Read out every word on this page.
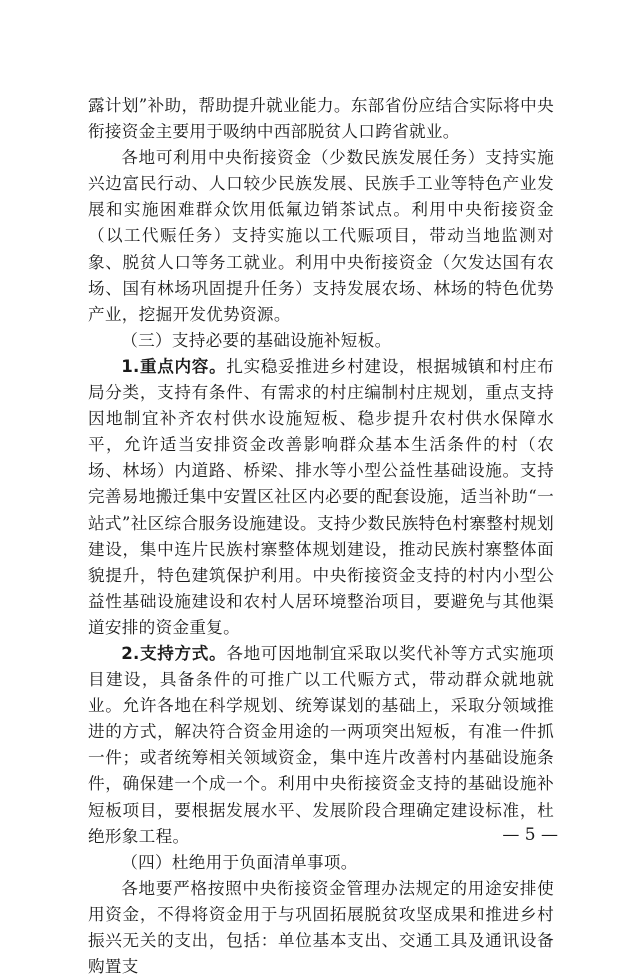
露计划”补助，帮助提升就业能力。东部省份应结合实际将中央衔接资金主要用于吸纳中西部脱贫人口跨省就业。

各地可利用中央衔接资金（少数民族发展任务）支持实施兴边富民行动、人口较少民族发展、民族手工业等特色产业发展和实施困难群众饮用低氟边销茶试点。利用中央衔接资金（以工代赈任务）支持实施以工代赈项目，带动当地监测对象、脱贫人口等务工就业。利用中央衔接资金（欠发达国有农场、国有林场巩固提升任务）支持发展农场、林场的特色优势产业，挖掘开发优势资源。

（三）支持必要的基础设施补短板。

1.重点内容。扎实稳妥推进乡村建设，根据城镇和村庄布局分类，支持有条件、有需求的村庄编制村庄规划，重点支持因地制宜补齐农村供水设施短板、稳步提升农村供水保障水平，允许适当安排资金改善影响群众基本生活条件的村（农场、林场）内道路、桥梁、排水等小型公益性基础设施。支持完善易地搬迁集中安置区社区内必要的配套设施，适当补助“一站式”社区综合服务设施建设。支持少数民族特色村寨整村规划建设，集中连片民族村寨整体规划建设，推动民族村寨整体面貌提升，特色建筑保护利用。中央衔接资金支持的村内小型公益性基础设施建设和农村人居环境整治项目，要避免与其他渠道安排的资金重复。

2.支持方式。各地可因地制宜采取以奖代补等方式实施项目建设，具备条件的可推广以工代赈方式，带动群众就地就业。允许各地在科学规划、统筹谋划的基础上，采取分领域推进的方式，解决符合资金用途的一两项突出短板，有准一件抓一件；或者统筹相关领域资金，集中连片改善村内基础设施条件，确保建一个成一个。利用中央衔接资金支持的基础设施补短板项目，要根据发展水平、发展阶段合理确定建设标准，杜绝形象工程。

（四）杜绝用于负面清单事项。

各地要严格按照中央衔接资金管理办法规定的用途安排使用资金，不得将资金用于与巩固拓展脱贫攻坚成果和推进乡村振兴无关的支出，包括：单位基本支出、交通工具及通讯设备购置支

— 5 —
